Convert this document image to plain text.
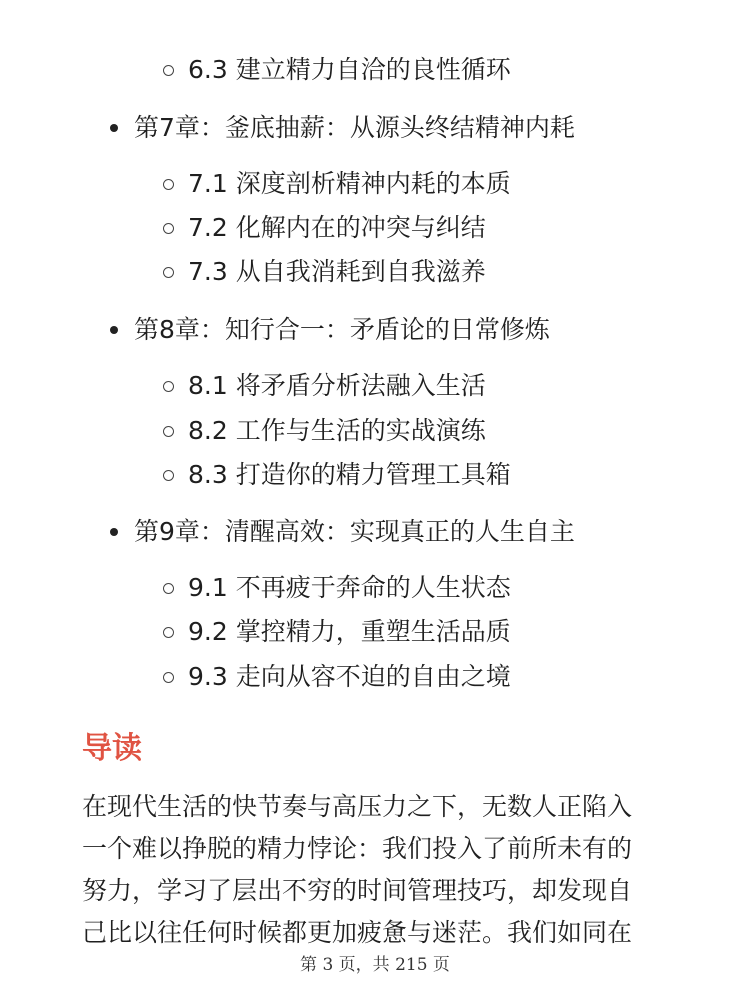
6.3 建立精力自洽的良性循环
第7章：釜底抽薪：从源头终结精神内耗
7.1 深度剖析精神内耗的本质
7.2 化解内在的冲突与纠结
7.3 从自我消耗到自我滋养
第8章：知行合一：矛盾论的日常修炼
8.1 将矛盾分析法融入生活
8.2 工作与生活的实战演练
8.3 打造你的精力管理工具箱
第9章：清醒高效：实现真正的人生自主
9.1 不再疲于奔命的人生状态
9.2 掌控精力，重塑生活品质
9.3 走向从容不迫的自由之境
导读
在现代生活的快节奏与高压力之下，无数人正陷入
一个难以挣脱的精力悖论：我们投入了前所未有的
努力，学习了层出不穷的时间管理技巧，却发现自
己比以往任何时候都更加疲惫与迷茫。我们如同在
第 3 页，共 215 页
